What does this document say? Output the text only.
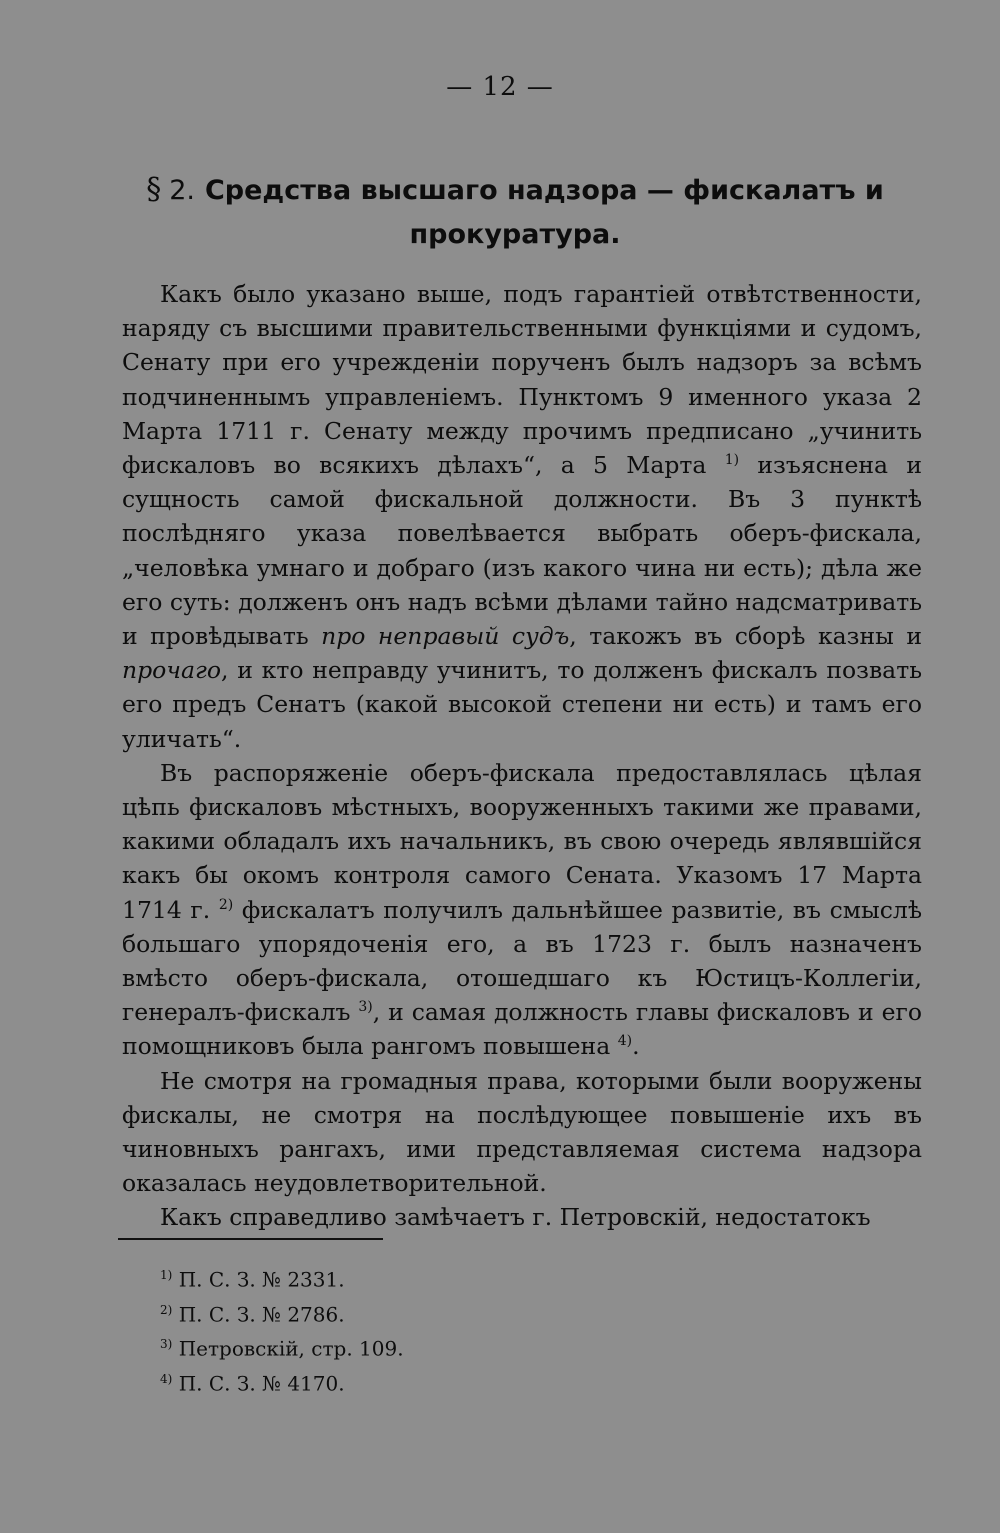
— 12 —
§ 2. Средства высшаго надзора — фискалатъ и прокуратура.

Какъ было указано выше, подъ гарантіей отвѣтственности, наряду съ высшими правительственными функціями и судомъ, Сенату при его учрежденіи порученъ былъ надзоръ за всѣмъ подчиненнымъ управленіемъ. Пунктомъ 9 именного указа 2 Марта 1711 г. Сенату между прочимъ предписано „учинить фискаловъ во всякихъ дѣлахъ“, а 5 Марта $^{1)}$ изъяснена и сущность самой фискальной должности. Въ 3 пунктѣ послѣдняго указа повелѣвается выбрать оберъ-фискала, „человѣка умнаго и добраго (изъ какого чина ни есть); дѣла же его суть: долженъ онъ надъ всѣми дѣлами тайно надсматривать и провѣдывать про неправый судъ, такожъ въ сборѣ казны и прочаго, и кто неправду учинитъ, то долженъ фискалъ позвать его предъ Сенатъ (какой высокой степени ни есть) и тамъ его уличать“.

Въ распоряженіе оберъ-фискала предоставлялась цѣлая цѣпь фискаловъ мѣстныхъ, вооруженныхъ такими же правами, какими обладалъ ихъ начальникъ, въ свою очередь являвшійся какъ бы окомъ контроля самого Сената. Указомъ 17 Марта 1714 г. $^{2)}$ фискалатъ получилъ дальнѣйшее развитіе, въ смыслѣ большаго упорядоченія его, а въ 1723 г. былъ назначенъ вмѣсто оберъ-фискала, отошедшаго къ Юстицъ-Коллегіи, генералъ-фискалъ $^{3)}$, и самая должность главы фискаловъ и его помощниковъ была рангомъ повышена $^{4)}$.

Не смотря на громадныя права, которыми были вооружены фискалы, не смотря на послѣдующее повышеніе ихъ въ чиновныхъ рангахъ, ими представляемая система надзора оказалась неудовлетворительной.

Какъ справедливо замѣчаетъ г. Петровскій, недостатокъ

$^{1)}$ П. С. З. № 2331.
$^{2)}$ П. С. З. № 2786.
$^{3)}$ Петровскій, стр. 109.
$^{4)}$ П. С. З. № 4170.
